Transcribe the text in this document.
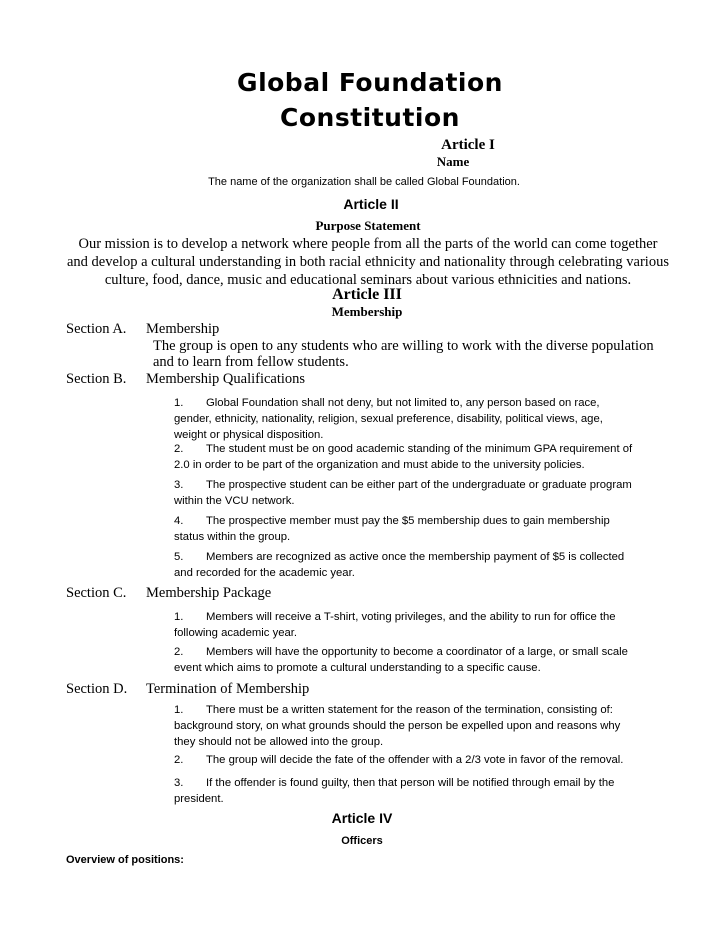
Global Foundation
Constitution
Article I
Name
The name of the organization shall be called Global Foundation.
Article II
Purpose Statement
Our mission is to develop a network where people from all the parts of the world can come together
and develop a cultural understanding in both racial ethnicity and nationality through celebrating various
culture, food, dance, music and educational seminars about various ethnicities and nations.
Article III
Membership
Section A. Membership
The group is open to any students who are willing to work with the diverse population
and to learn from fellow students.
Section B. Membership Qualifications
1. Global Foundation shall not deny, but not limited to, any person based on race,
gender, ethnicity, nationality, religion, sexual preference, disability, political views, age,
weight or physical disposition.
2. The student must be on good academic standing of the minimum GPA requirement of
2.0 in order to be part of the organization and must abide to the university policies.
3. The prospective student can be either part of the undergraduate or graduate program
within the VCU network.
4. The prospective member must pay the $5 membership dues to gain membership
status within the group.
5. Members are recognized as active once the membership payment of $5 is collected
and recorded for the academic year.
Section C. Membership Package
1. Members will receive a T-shirt, voting privileges, and the ability to run for office the
following academic year.
2. Members will have the opportunity to become a coordinator of a large, or small scale
event which aims to promote a cultural understanding to a specific cause.
Section D. Termination of Membership
1. There must be a written statement for the reason of the termination, consisting of:
background story, on what grounds should the person be expelled upon and reasons why
they should not be allowed into the group.
2. The group will decide the fate of the offender with a 2/3 vote in favor of the removal.
3. If the offender is found guilty, then that person will be notified through email by the
president.
Article IV
Officers
Overview of positions:
